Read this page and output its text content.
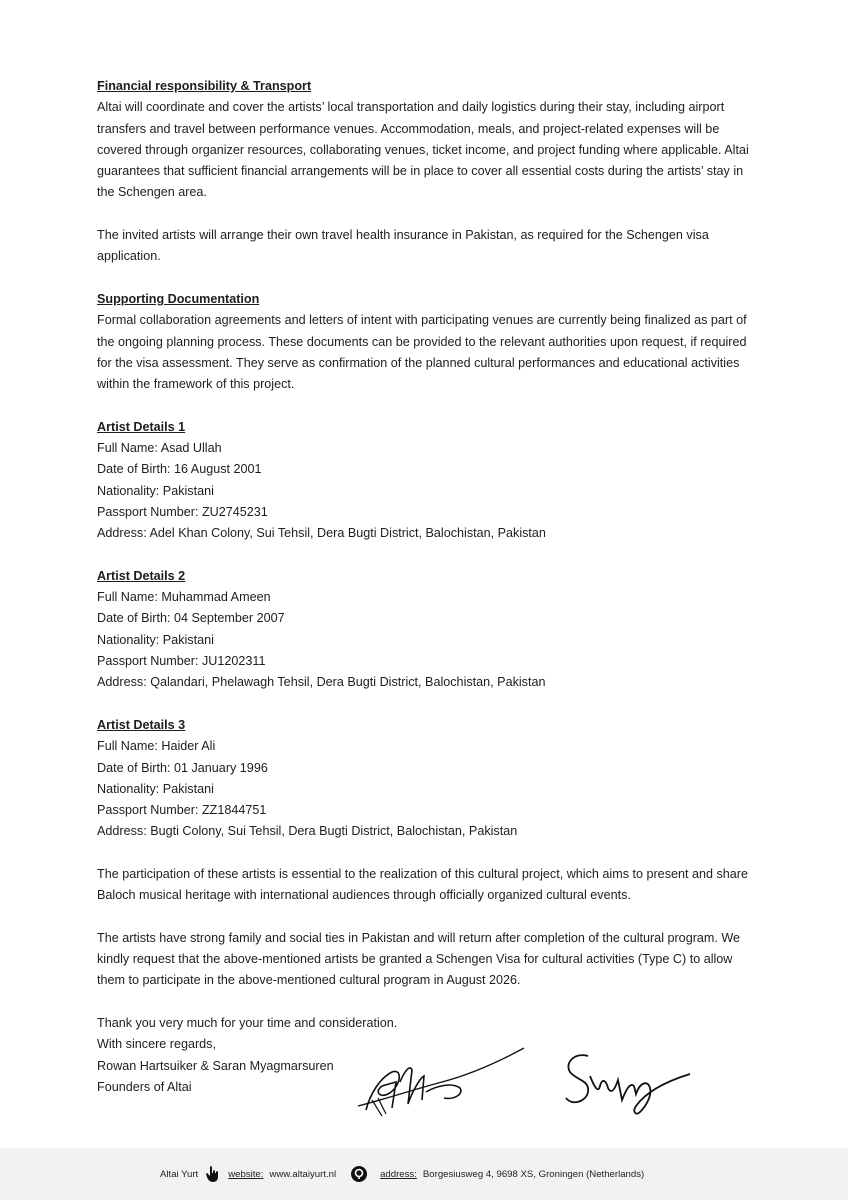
Financial responsibility & Transport

Altai will coordinate and cover the artists’ local transportation and daily logistics during their stay, including airport transfers and travel between performance venues. Accommodation, meals, and project-related expenses will be covered through organizer resources, collaborating venues, ticket income, and project funding where applicable. Altai guarantees that sufficient financial arrangements will be in place to cover all essential costs during the artists’ stay in the Schengen area.

The invited artists will arrange their own travel health insurance in Pakistan, as required for the Schengen visa application.

Supporting Documentation

Formal collaboration agreements and letters of intent with participating venues are currently being finalized as part of the ongoing planning process. These documents can be provided to the relevant authorities upon request, if required for the visa assessment. They serve as confirmation of the planned cultural performances and educational activities within the framework of this project.

Artist Details 1

Full Name: Asad Ullah

Date of Birth: 16 August 2001

Nationality: Pakistani

Passport Number: ZU2745231

Address: Adel Khan Colony, Sui Tehsil, Dera Bugti District, Balochistan, Pakistan

Artist Details 2

Full Name: Muhammad Ameen

Date of Birth: 04 September 2007

Nationality: Pakistani

Passport Number: JU1202311

Address: Qalandari, Phelawagh Tehsil, Dera Bugti District, Balochistan, Pakistan

Artist Details 3

Full Name: Haider Ali

Date of Birth: 01 January 1996

Nationality: Pakistani

Passport Number: ZZ1844751

Address: Bugti Colony, Sui Tehsil, Dera Bugti District, Balochistan, Pakistan

The participation of these artists is essential to the realization of this cultural project, which aims to present and share Baloch musical heritage with international audiences through officially organized cultural events.

The artists have strong family and social ties in Pakistan and will return after completion of the cultural program. We kindly request that the above-mentioned artists be granted a Schengen Visa for cultural activities (Type C) to allow them to participate in the above-mentioned cultural program in August 2026.

Thank you very much for your time and consideration.

With sincere regards,

Rowan Hartsuiker & Saran Myagmarsuren

Founders of Altai

Altai Yurt	website: www.altaiyurt.nl	address: Borgesiusweg 4, 9698 XS, Groningen (Netherlands)
